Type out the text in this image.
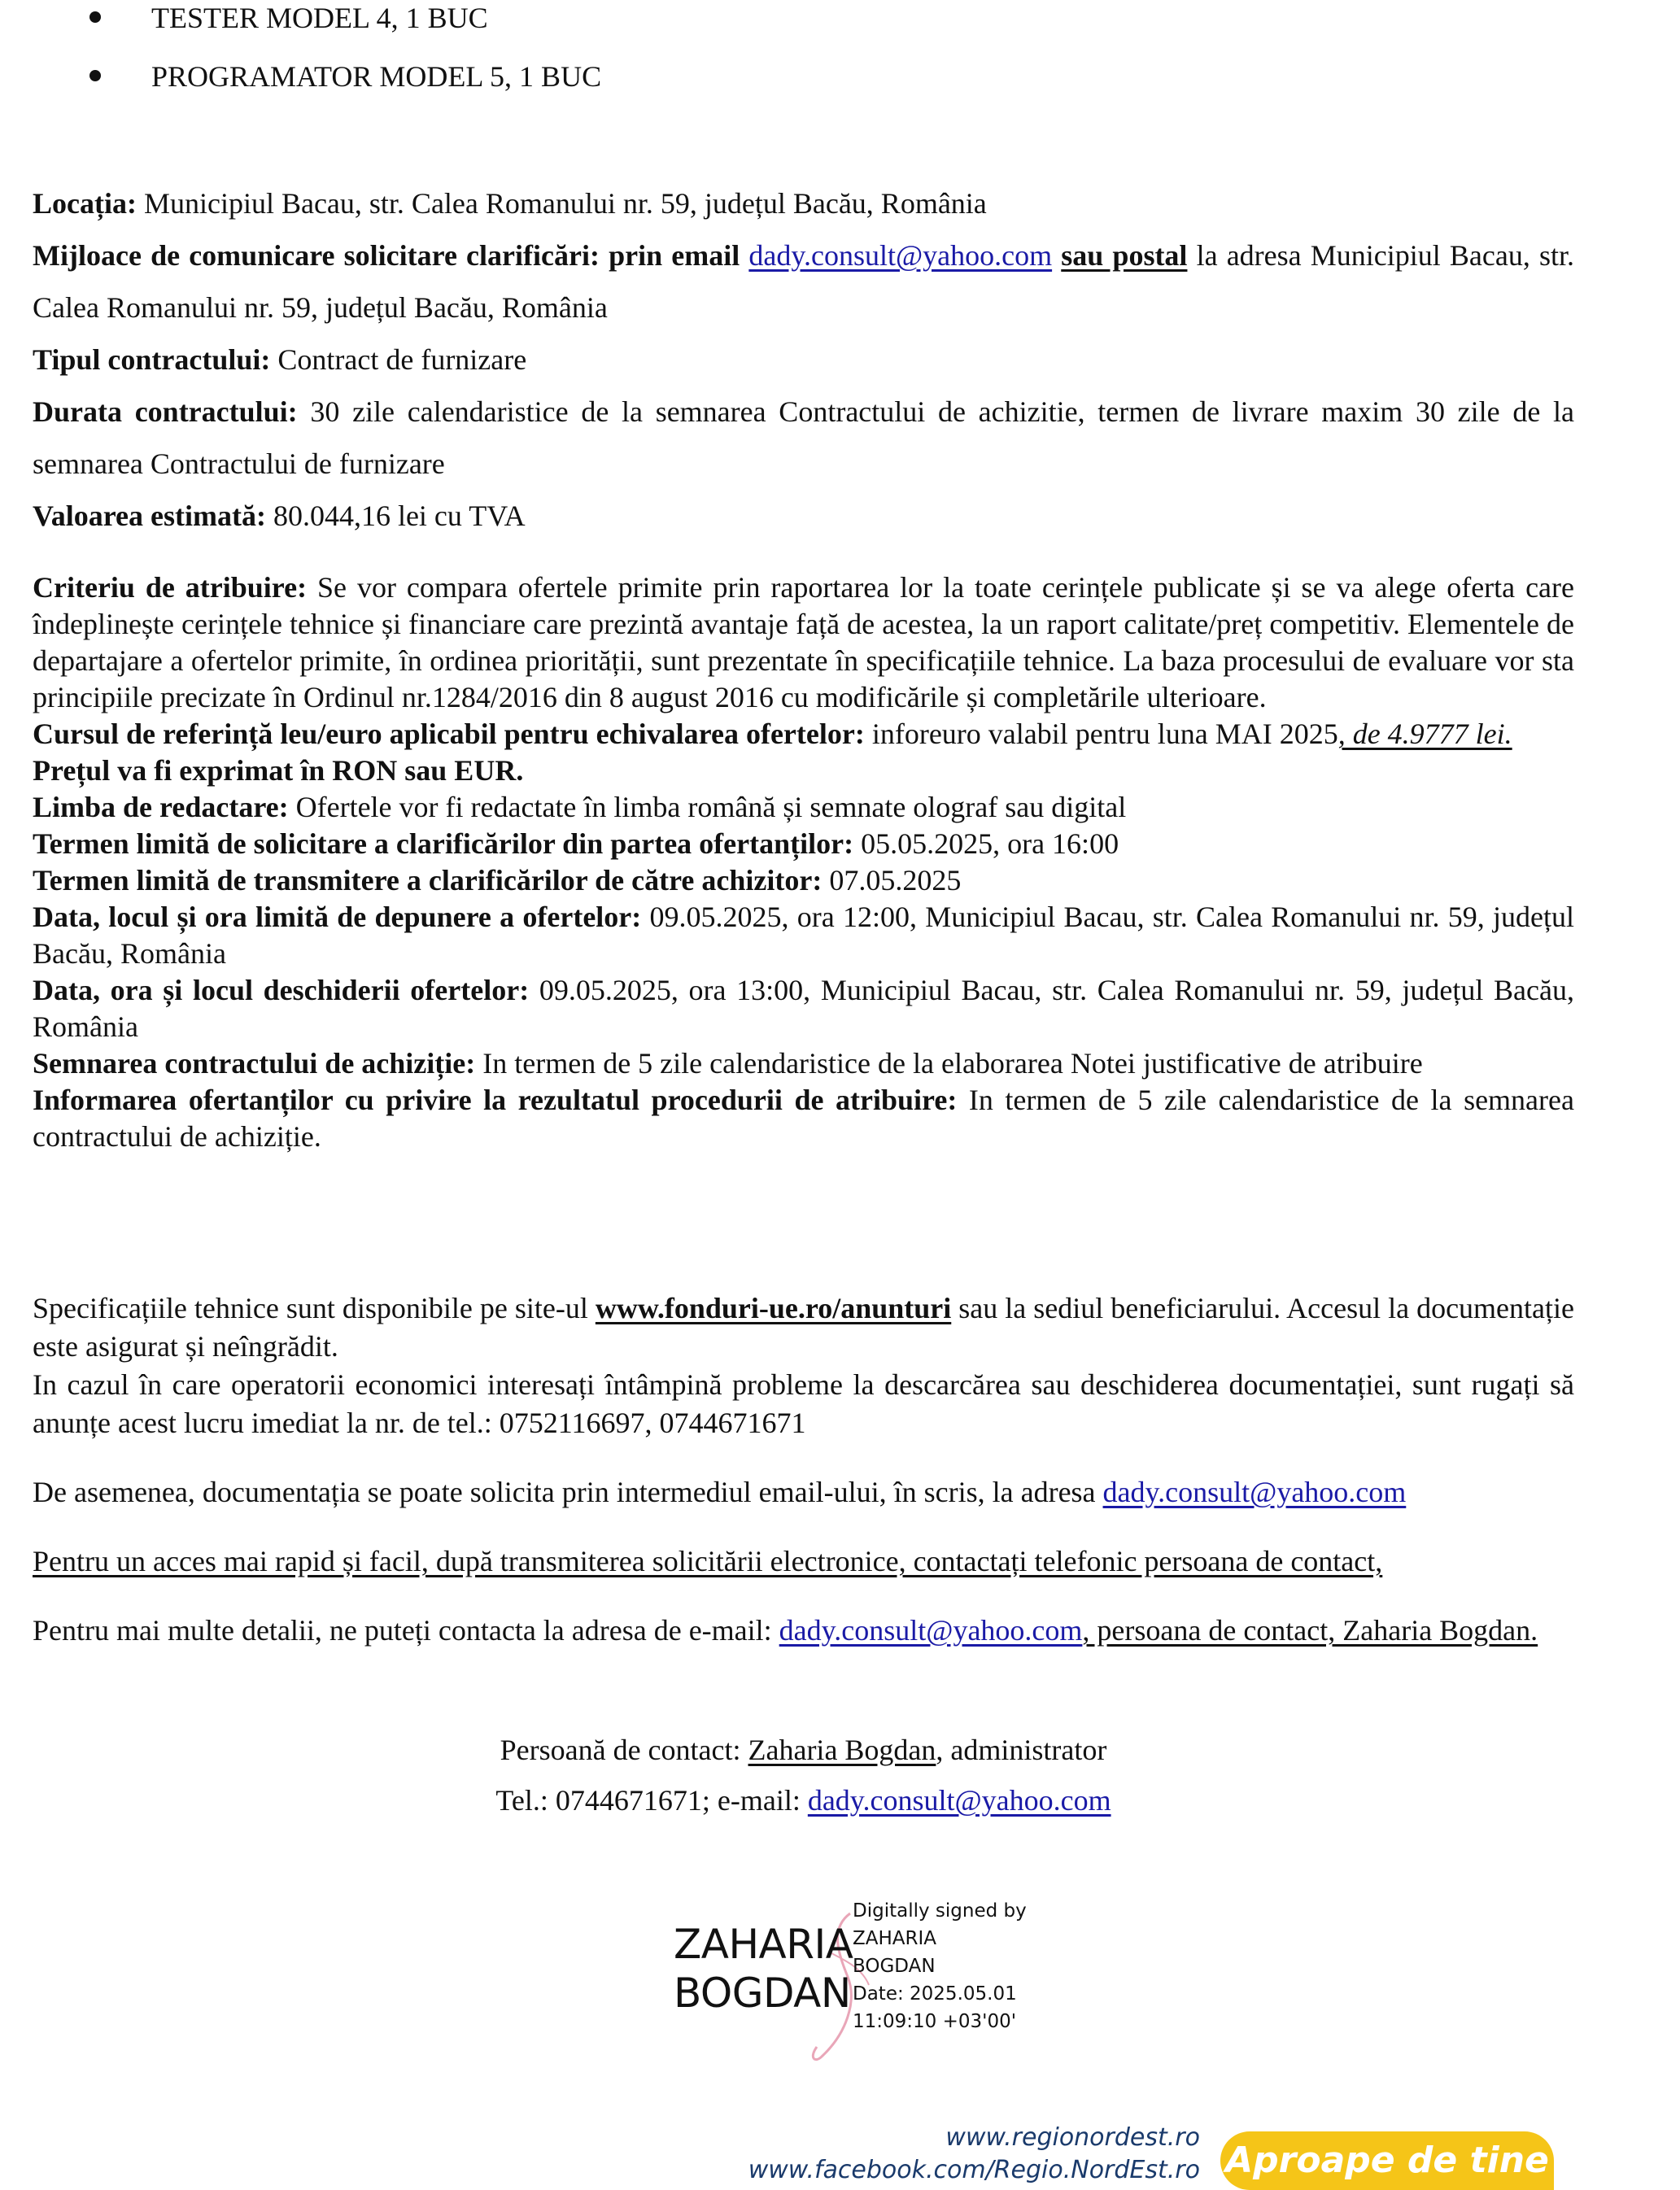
TESTER MODEL 4, 1 BUC
PROGRAMATOR MODEL 5, 1 BUC

Locația: Municipiul Bacau, str. Calea Romanului nr. 59, județul Bacău, România

Mijloace de comunicare solicitare clarificări: prin email dady.consult@yahoo.com sau postal la adresa Municipiul Bacau, str. Calea Romanului nr. 59, județul Bacău, România

Tipul contractului: Contract de furnizare

Durata contractului: 30 zile calendaristice de la semnarea Contractului de achizitie, termen de livrare maxim 30 zile de la semnarea Contractului de furnizare

Valoarea estimată: 80.044,16 lei cu TVA

Criteriu de atribuire: Se vor compara ofertele primite prin raportarea lor la toate cerințele publicate și se va alege oferta care îndeplinește cerințele tehnice și financiare care prezintă avantaje față de acestea, la un raport calitate/preț competitiv. Elementele de departajare a ofertelor primite, în ordinea priorității, sunt prezentate în specificațiile tehnice. La baza procesului de evaluare vor sta principiile precizate în Ordinul nr.1284/2016 din 8 august 2016 cu modificările și completările ulterioare.

Cursul de referință leu/euro aplicabil pentru echivalarea ofertelor: inforeuro valabil pentru luna MAI 2025, de 4.9777 lei.

Prețul va fi exprimat în RON sau EUR.

Limba de redactare: Ofertele vor fi redactate în limba română și semnate olograf sau digital

Termen limită de solicitare a clarificărilor din partea ofertanților: 05.05.2025, ora 16:00

Termen limită de transmitere a clarificărilor de către achizitor: 07.05.2025

Data, locul și ora limită de depunere a ofertelor: 09.05.2025, ora 12:00, Municipiul Bacau, str. Calea Romanului nr. 59, județul Bacău, România

Data, ora și locul deschiderii ofertelor: 09.05.2025, ora 13:00, Municipiul Bacau, str. Calea Romanului nr. 59, județul Bacău, România

Semnarea contractului de achiziție: In termen de 5 zile calendaristice de la elaborarea Notei justificative de atribuire

Informarea ofertanților cu privire la rezultatul procedurii de atribuire: In termen de 5 zile calendaristice de la semnarea contractului de achiziție.

Specificațiile tehnice sunt disponibile pe site-ul www.fonduri-ue.ro/anunturi sau la sediul beneficiarului. Accesul la documentație este asigurat și neîngrădit.

In cazul în care operatorii economici interesați întâmpină probleme la descarcărea sau deschiderea documentației, sunt rugați să anunțe acest lucru imediat la nr. de tel.: 0752116697, 0744671671

De asemenea, documentația se poate solicita prin intermediul email-ului, în scris, la adresa dady.consult@yahoo.com

Pentru un acces mai rapid și facil, după transmiterea solicitării electronice, contactați telefonic persoana de contact,

Pentru mai multe detalii, ne puteți contacta la adresa de e-mail: dady.consult@yahoo.com, persoana de contact, Zaharia Bogdan.

Persoană de contact: Zaharia Bogdan, administrator
Tel.: 0744671671; e-mail: dady.consult@yahoo.com
ZAHARIA
BOGDAN
Digitally signed by
ZAHARIA
BOGDAN
Date: 2025.05.01
11:09:10 +03'00'
www.regionordest.ro
www.facebook.com/Regio.NordEst.ro Aproape de tine
